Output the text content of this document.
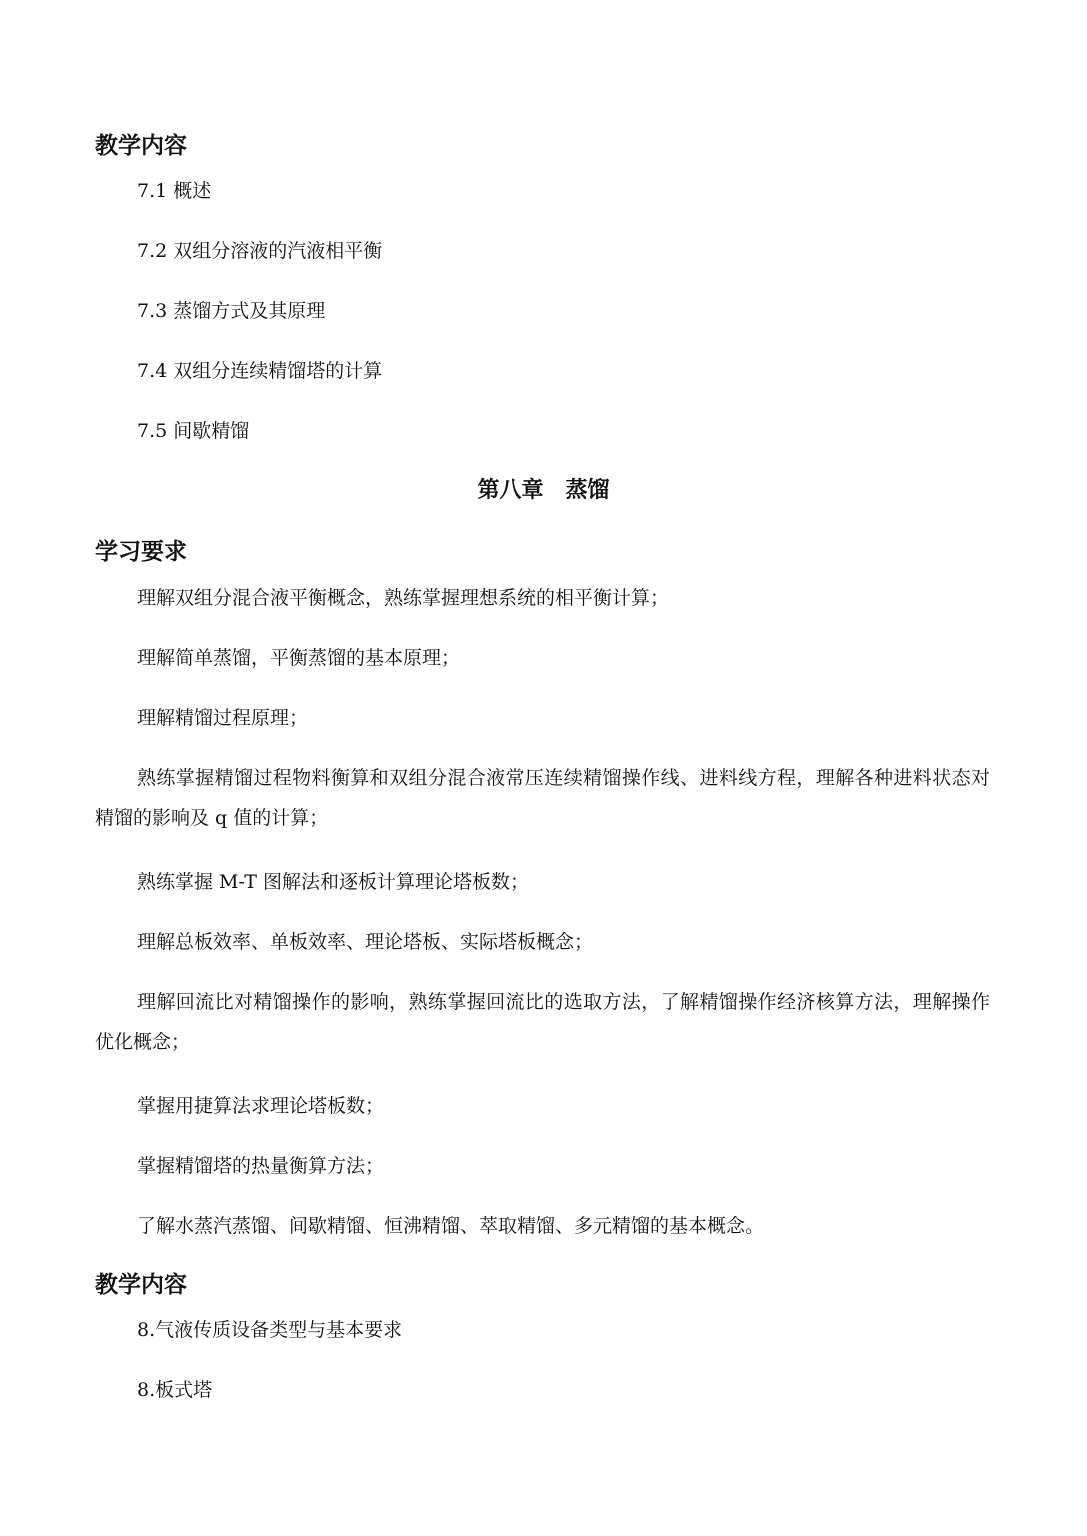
教学内容

7.1 概述

7.2 双组分溶液的汽液相平衡

7.3 蒸馏方式及其原理

7.4 双组分连续精馏塔的计算

7.5 间歇精馏

第八章　蒸馏
学习要求

理解双组分混合液平衡概念，熟练掌握理想系统的相平衡计算；

理解简单蒸馏，平衡蒸馏的基本原理；

理解精馏过程原理；

熟练掌握精馏过程物料衡算和双组分混合液常压连续精馏操作线、进料线方程，理解各种进料状态对精馏的影响及 q 值的计算；

熟练掌握 M-T 图解法和逐板计算理论塔板数；

理解总板效率、单板效率、理论塔板、实际塔板概念；

理解回流比对精馏操作的影响，熟练掌握回流比的选取方法，了解精馏操作经济核算方法，理解操作优化概念；

掌握用捷算法求理论塔板数；

掌握精馏塔的热量衡算方法；

了解水蒸汽蒸馏、间歇精馏、恒沸精馏、萃取精馏、多元精馏的基本概念。

教学内容

8.气液传质设备类型与基本要求

8.板式塔
